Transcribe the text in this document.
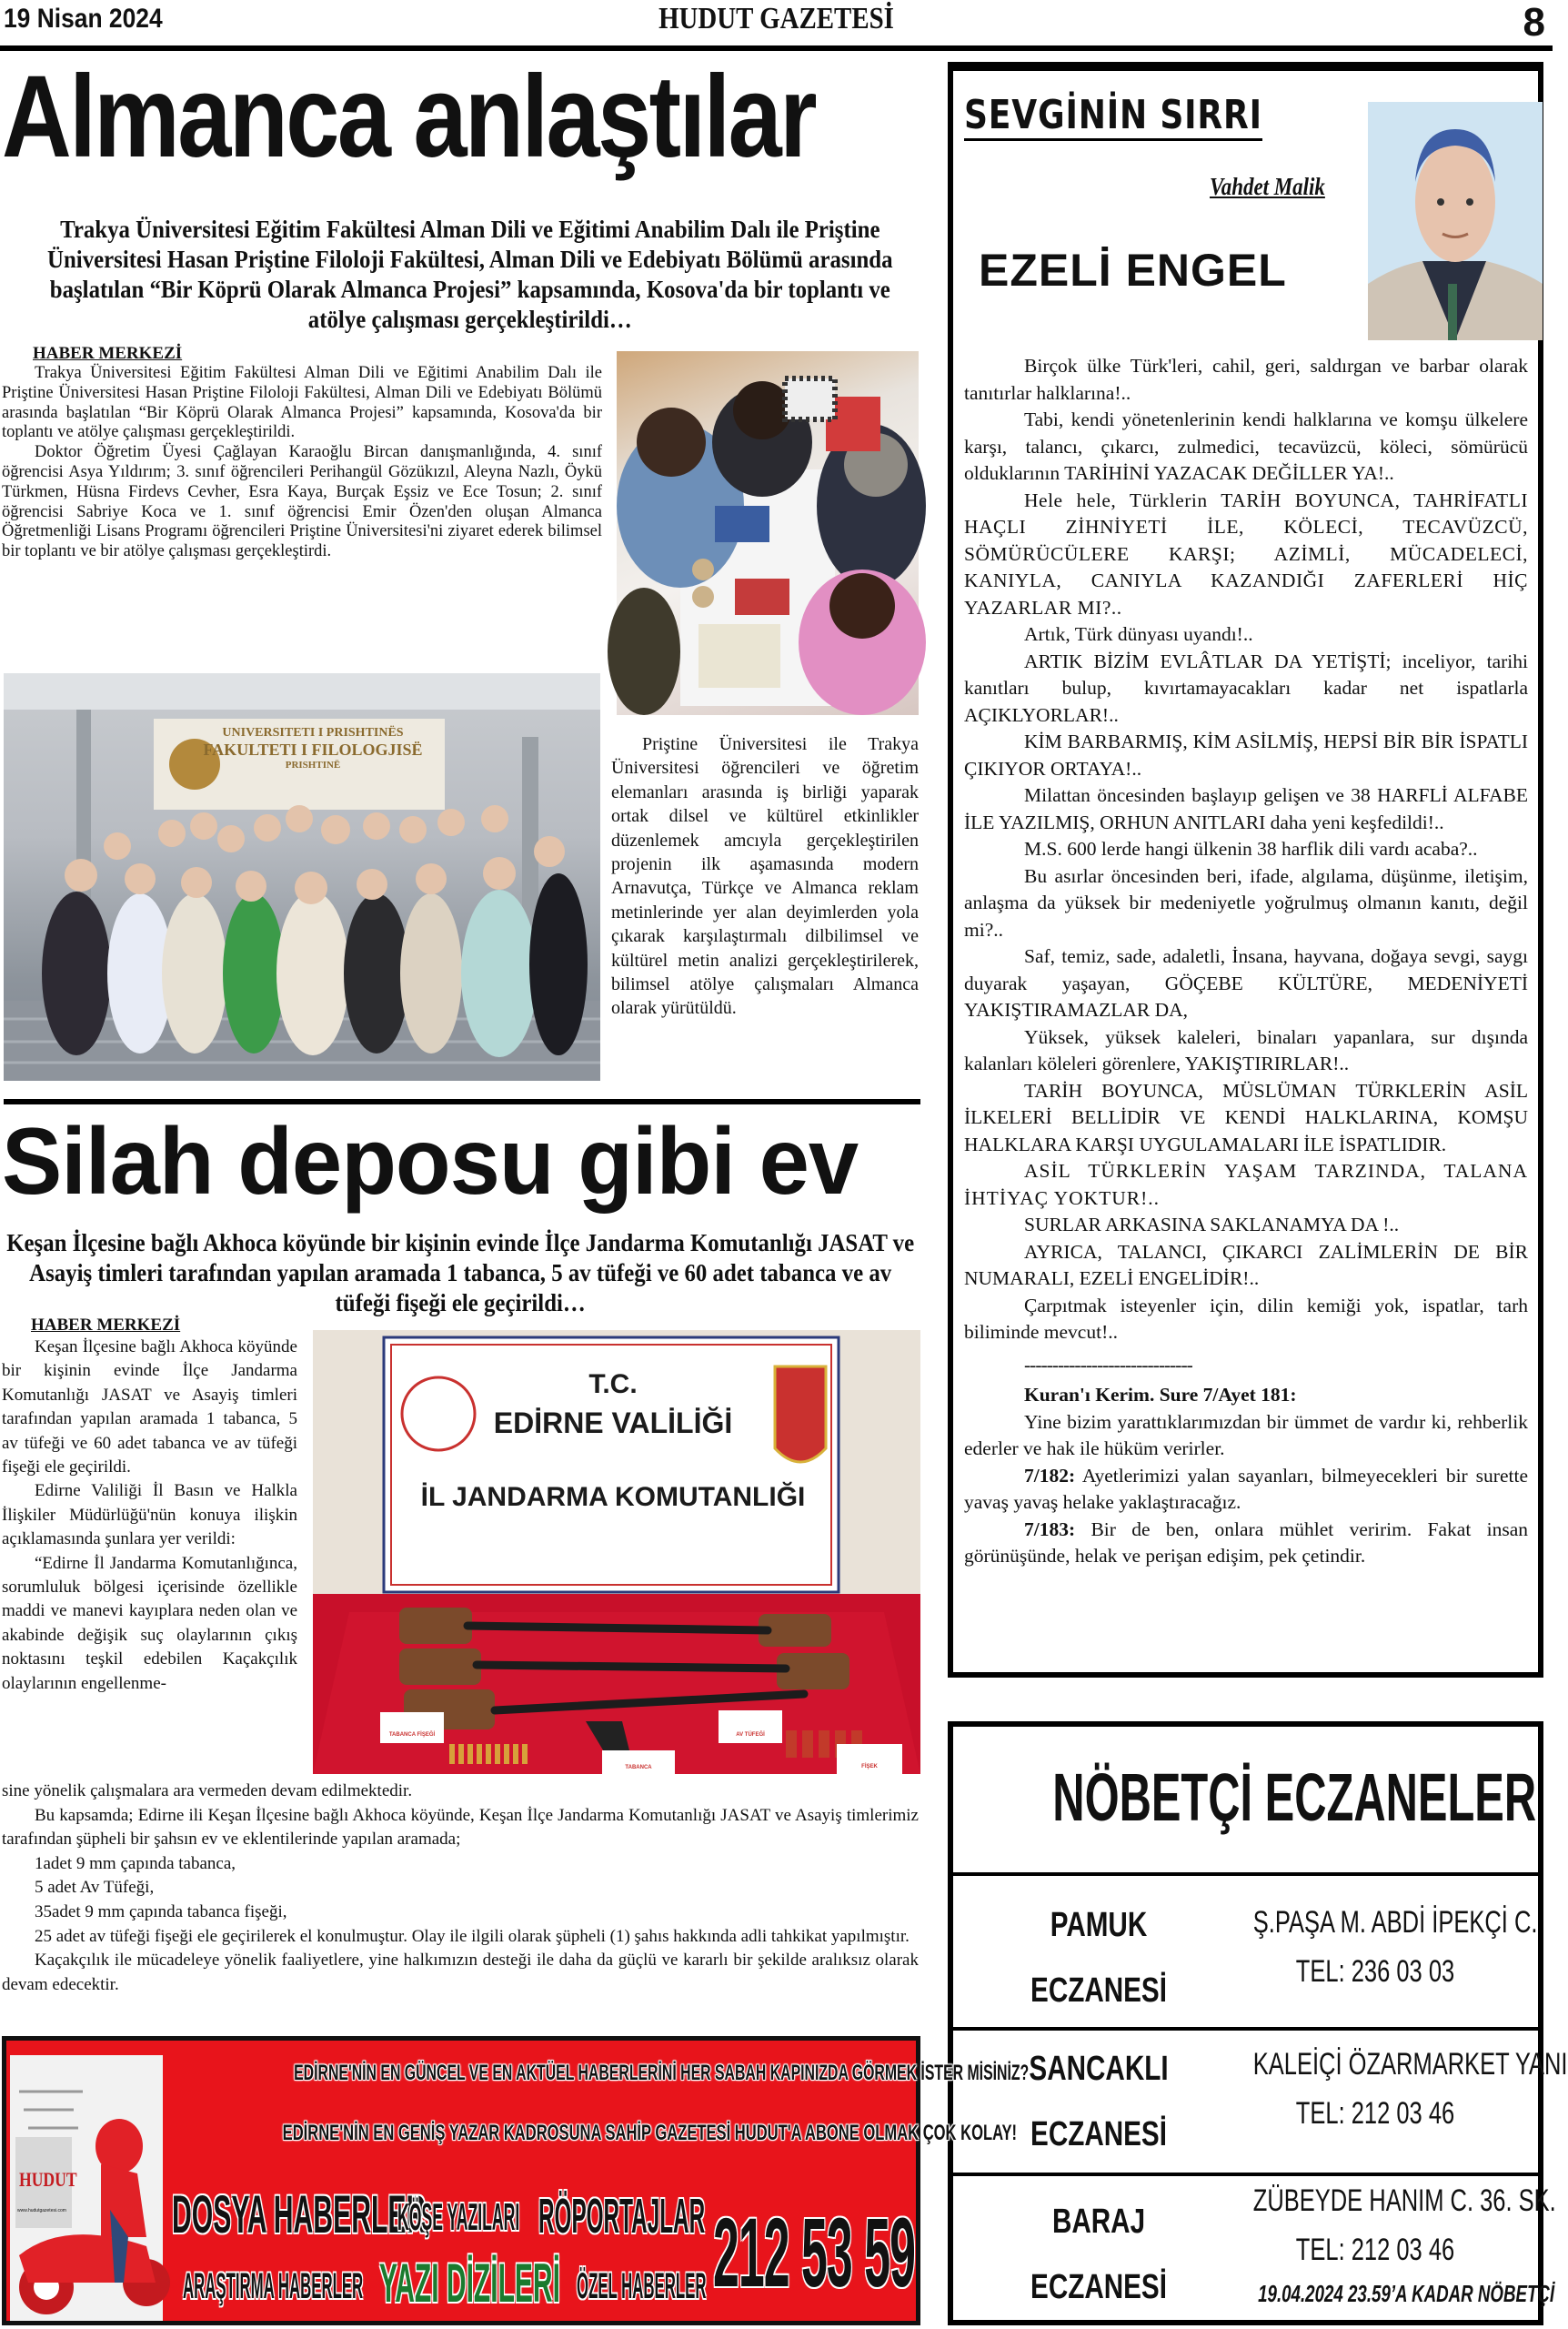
19 Nisan 2024	HUDUT GAZETESİ	8
Almanca anlaştılar
Trakya Üniversitesi Eğitim Fakültesi Alman Dili ve Eğitimi Anabilim Dalı ile Priştine Üniversitesi Hasan Priştine Filoloji Fakültesi, Alman Dili ve Edebiyatı Bölümü arasında başlatılan “Bir Köprü Olarak Almanca Projesi” kapsamında, Kosova'da bir toplantı ve atölye çalışması gerçekleştirildi…
HABER MERKEZİ

Trakya Üniversitesi Eğitim Fakültesi Alman Dili ve Eğitimi Anabilim Dalı ile Priştine Üniversitesi Hasan Priştine Filoloji Fakültesi, Alman Dili ve Edebiyatı Bölümü arasında başlatılan “Bir Köprü Olarak Almanca Projesi” kapsamında, Kosova'da bir toplantı ve atölye çalışması gerçekleştirildi.

Doktor Öğretim Üyesi Çağlayan Karaoğlu Bircan danışmanlığında, 4. sınıf öğrencisi Asya Yıldırım; 3. sınıf öğrencileri Perihangül Gözükızıl, Aleyna Nazlı, Öykü Türkmen, Hüsna Firdevs Cevher, Esra Kaya, Burçak Eşsiz ve Ece Tosun; 2. sınıf öğrencisi Sabriye Koca ve 1. sınıf öğrencisi Emir Özen'den oluşan Almanca Öğretmenliği Lisans Programı öğrencileri Priştine Üniversitesi'ni ziyaret ederek bilimsel bir toplantı ve bir atölye çalışması gerçekleştirdi.

UNIVERSITETI I PRISHTINËS
FAKULTETI I FILOLOGJISË
PRISHTINË

Priştine Üniversitesi ile Trakya Üniversitesi öğrencileri ve öğretim elemanları arasında iş birliği yaparak ortak dilsel ve kültürel etkinlikler düzenlemek amcıyla gerçekleştirilen projenin ilk aşamasında modern Arnavutça, Türkçe ve Almanca reklam metinlerinde yer alan deyimlerden yola çıkarak karşılaştırmalı dilbilimsel ve kültürel metin analizi gerçekleştirilerek, bilimsel atölye çalışmaları Almanca olarak yürütüldü.

Silah deposu gibi ev
Keşan İlçesine bağlı Akhoca köyünde bir kişinin evinde İlçe Jandarma Komutanlığı JASAT ve Asayiş timleri tarafından yapılan aramada 1 tabanca, 5 av tüfeği ve 60 adet tabanca ve av tüfeği fişeği ele geçirildi…
HABER MERKEZİ

Keşan İlçesine bağlı Akhoca köyünde bir kişinin evinde İlçe Jandarma Komutanlığı JASAT ve Asayiş timleri tarafından yapılan aramada 1 tabanca, 5 av tüfeği ve 60 adet tabanca ve av tüfeği fişeği ele geçirildi.

Edirne Valiliği İl Basın ve Halkla İlişkiler Müdürlüğü'nün konuya ilişkin açıklamasında şunlara yer verildi:

“Edirne İl Jandarma Komutanlığınca, sorumluluk bölgesi içerisinde özellikle maddi ve manevi kayıplara neden olan ve akabinde değişik suç olaylarının çıkış noktasını teşkil edebilen Kaçakçılık olaylarının engellenme-

T.C.
EDİRNE VALİLİĞİ
İL JANDARMA KOMUTANLIĞI
TABANCA FİŞEĞİ
TABANCA
AV TÜFEĞİ
FİŞEK

sine yönelik çalışmalara ara vermeden devam edilmektedir.

Bu kapsamda; Edirne ili Keşan İlçesine bağlı Akhoca köyünde, Keşan İlçe Jandarma Komutanlığı JASAT ve Asayiş timlerimiz tarafından şüpheli bir şahsın ev ve eklentilerinde yapılan aramada;

1adet 9 mm çapında tabanca,

5 adet Av Tüfeği,

35adet 9 mm çapında tabanca fişeği,

25 adet av tüfeği fişeği ele geçirilerek el konulmuştur. Olay ile ilgili olarak şüpheli (1) şahıs hakkında adli tahkikat yapılmıştır.

Kaçakçılık ile mücadeleye yönelik faaliyetlere, yine halkımızın desteği ile daha da güçlü ve kararlı bir şekilde aralıksız olarak devam edecektir.

SEVGİNİN SIRRI
Vahdet Malik
EZELİ ENGEL

Birçok ülke Türk'leri, cahil, geri, saldırgan ve barbar olarak tanıtırlar halklarına!..

Tabi, kendi yönetenlerinin kendi halklarına ve komşu ülkelere karşı, talancı, çıkarcı, zulmedici, tecavüzcü, köleci, sömürücü olduklarının TARİHİNİ YAZACAK DEĞİLLER YA!..

Hele hele, Türklerin TARİH BOYUNCA, TAHRİFATLI HAÇLI ZİHNİYETİ İLE, KÖLECİ, TECAVÜZCÜ, SÖMÜRÜCÜLERE KARŞI; AZİMLİ, MÜCADELECİ, KANIYLA, CANIYLA KAZANDIĞI ZAFERLERİ HİÇ YAZARLAR MI?..

Artık, Türk dünyası uyandı!..

ARTIK BİZİM EVLÂTLAR DA YETİŞTİ; inceliyor, tarihi kanıtları bulup, kıvırtamayacakları kadar net ispatlarla AÇIKLYORLAR!..

KİM BARBARMIŞ, KİM ASİLMİŞ, HEPSİ BİR BİR İSPATLI ÇIKIYOR ORTAYA!..

Milattan öncesinden başlayıp gelişen ve 38 HARFLİ ALFABE İLE YAZILMIŞ, ORHUN ANITLARI daha yeni keşfedildi!..

M.S. 600 lerde hangi ülkenin 38 harflik dili vardı acaba?..

Bu asırlar öncesinden beri, ifade, algılama, düşünme, iletişim, anlaşma da yüksek bir medeniyetle yoğrulmuş olmanın kanıtı, değil mi?..

Saf, temiz, sade, adaletli, İnsana, hayvana, doğaya sevgi, saygı duyarak yaşayan, GÖÇEBE KÜLTÜRE, MEDENİYETİ YAKIŞTIRAMAZLAR DA,

Yüksek, yüksek kaleleri, binaları yapanlara, sur dışında kalanları köleleri görenlere, YAKIŞTIRIRLAR!..

TARİH BOYUNCA, MÜSLÜMAN TÜRKLERİN ASİL İLKELERİ BELLİDİR VE KENDİ HALKLARINA, KOMŞU HALKLARA KARŞI UYGULAMALARI İLE İSPATLIDIR.

ASİL TÜRKLERİN YAŞAM TARZINDA, TALANA İHTİYAÇ YOKTUR!..

SURLAR ARKASINA SAKLANAMYA DA !..

AYRICA, TALANCI, ÇIKARCI ZALİMLERİN DE BİR NUMARALI, EZELİ ENGELİDİR!..

Çarpıtmak isteyenler için, dilin kemiği yok, ispatlar, tarh biliminde mevcut!..

------------------------------

Kuran'ı Kerim. Sure 7/Ayet 181:

Yine bizim yarattıklarımızdan bir ümmet de vardır ki, rehberlik ederler ve hak ile hüküm verirler.

7/182: Ayetlerimizi yalan sayanları, bilmeyecekleri bir surette yavaş yavaş helake yaklaştıracağız.

7/183: Bir de ben, onlara mühlet veririm. Fakat insan görünüşünde, helak ve perişan edişim, pek çetindir.

NÖBETÇİ ECZANELER
PAMUK
ECZANESİ
Ş.PAŞA M. ABDİ İPEKÇİ C.
TEL: 236 03 03
SANCAKLI
ECZANESİ
KALEİÇİ ÖZARMARKET YANI
TEL: 212 03 46
BARAJ
ECZANESİ
ZÜBEYDE HANIM C. 36. SK.
TEL: 212 03 46
19.04.2024 23.59’A KADAR NÖBETÇİ
HUDUT
www.hudutgazetesi.com
EDİRNE'NİN EN GÜNCEL VE EN AKTÜEL HABERLERİNİ HER SABAH KAPINIZDA GÖRMEK İSTER MİSİNİZ?
EDİRNE'NİN EN GENİŞ YAZAR KADROSUNA SAHİP GAZETESİ HUDUT'A ABONE OLMAK ÇOK KOLAY!
DOSYA HABERLER
KÖŞE YAZILARI RÖPORTAJLAR
ARAŞTIRMA HABERLER YAZI DİZİLERİ ÖZEL HABERLER 212 53 59
